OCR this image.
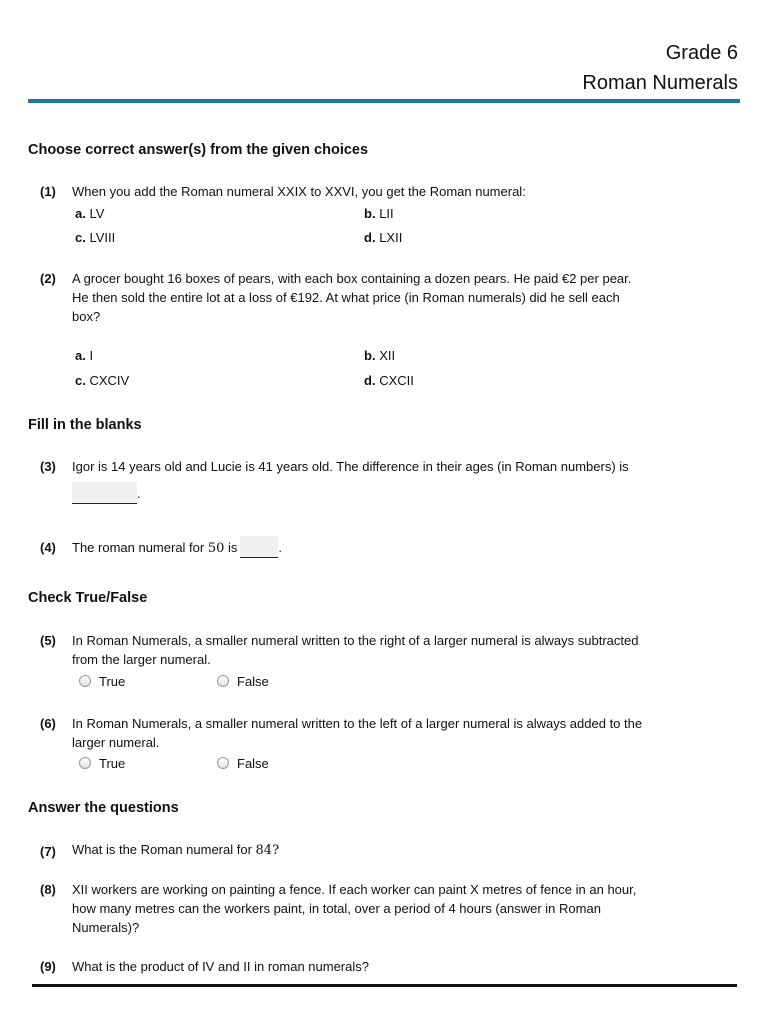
Grade 6
Roman Numerals
Choose correct answer(s) from the given choices
(1) When you add the Roman numeral XXIX to XXVI, you get the Roman numeral:
a. LV	b. LII
c. LVIII	d. LXII
(2) A grocer bought 16 boxes of pears, with each box containing a dozen pears. He paid €2 per pear. He then sold the entire lot at a loss of €192. At what price (in Roman numerals) did he sell each box?
a. I	b. XII
c. CXCIV	d. CXCII
Fill in the blanks
(3) Igor is 14 years old and Lucie is 41 years old. The difference in their ages (in Roman numbers) is
.
(4) The roman numeral for 50 is	.
Check True/False
(5) In Roman Numerals, a smaller numeral written to the right of a larger numeral is always subtracted from the larger numeral.
True	False
(6) In Roman Numerals, a smaller numeral written to the left of a larger numeral is always added to the larger numeral.
True	False
Answer the questions
(7) What is the Roman numeral for 84?
(8) XII workers are working on painting a fence. If each worker can paint X metres of fence in an hour, how many metres can the workers paint, in total, over a period of 4 hours (answer in Roman Numerals)?
(9) What is the product of IV and II in roman numerals?
